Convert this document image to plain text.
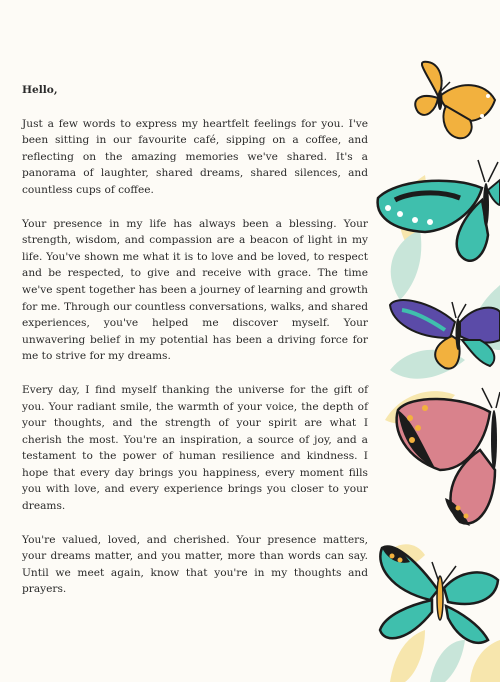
Hello,

Just a few words to express my heartfelt feelings for you. I've been sitting in our favourite café, sipping on a coffee, and reflecting on the amazing memories we've shared. It's a panorama of laughter, shared dreams, shared silences, and countless cups of coffee.

Your presence in my life has always been a blessing. Your strength, wisdom, and compassion are a beacon of light in my life. You've shown me what it is to love and be loved, to respect and be respected, to give and receive with grace. The time we've spent together has been a journey of learning and growth for me. Through our countless conversations, walks, and shared experiences, you've helped me discover myself. Your unwavering belief in my potential has been a driving force for me to strive for my dreams.

Every day, I find myself thanking the universe for the gift of you. Your radiant smile, the warmth of your voice, the depth of your thoughts, and the strength of your spirit are what I cherish the most. You're an inspiration, a source of joy, and a testament to the power of human resilience and kindness. I hope that every day brings you happiness, every moment fills you with love, and every experience brings you closer to your dreams.

You're valued, loved, and cherished. Your presence matters, your dreams matter, and you matter, more than words can say. Until we meet again, know that you're in my thoughts and prayers.
